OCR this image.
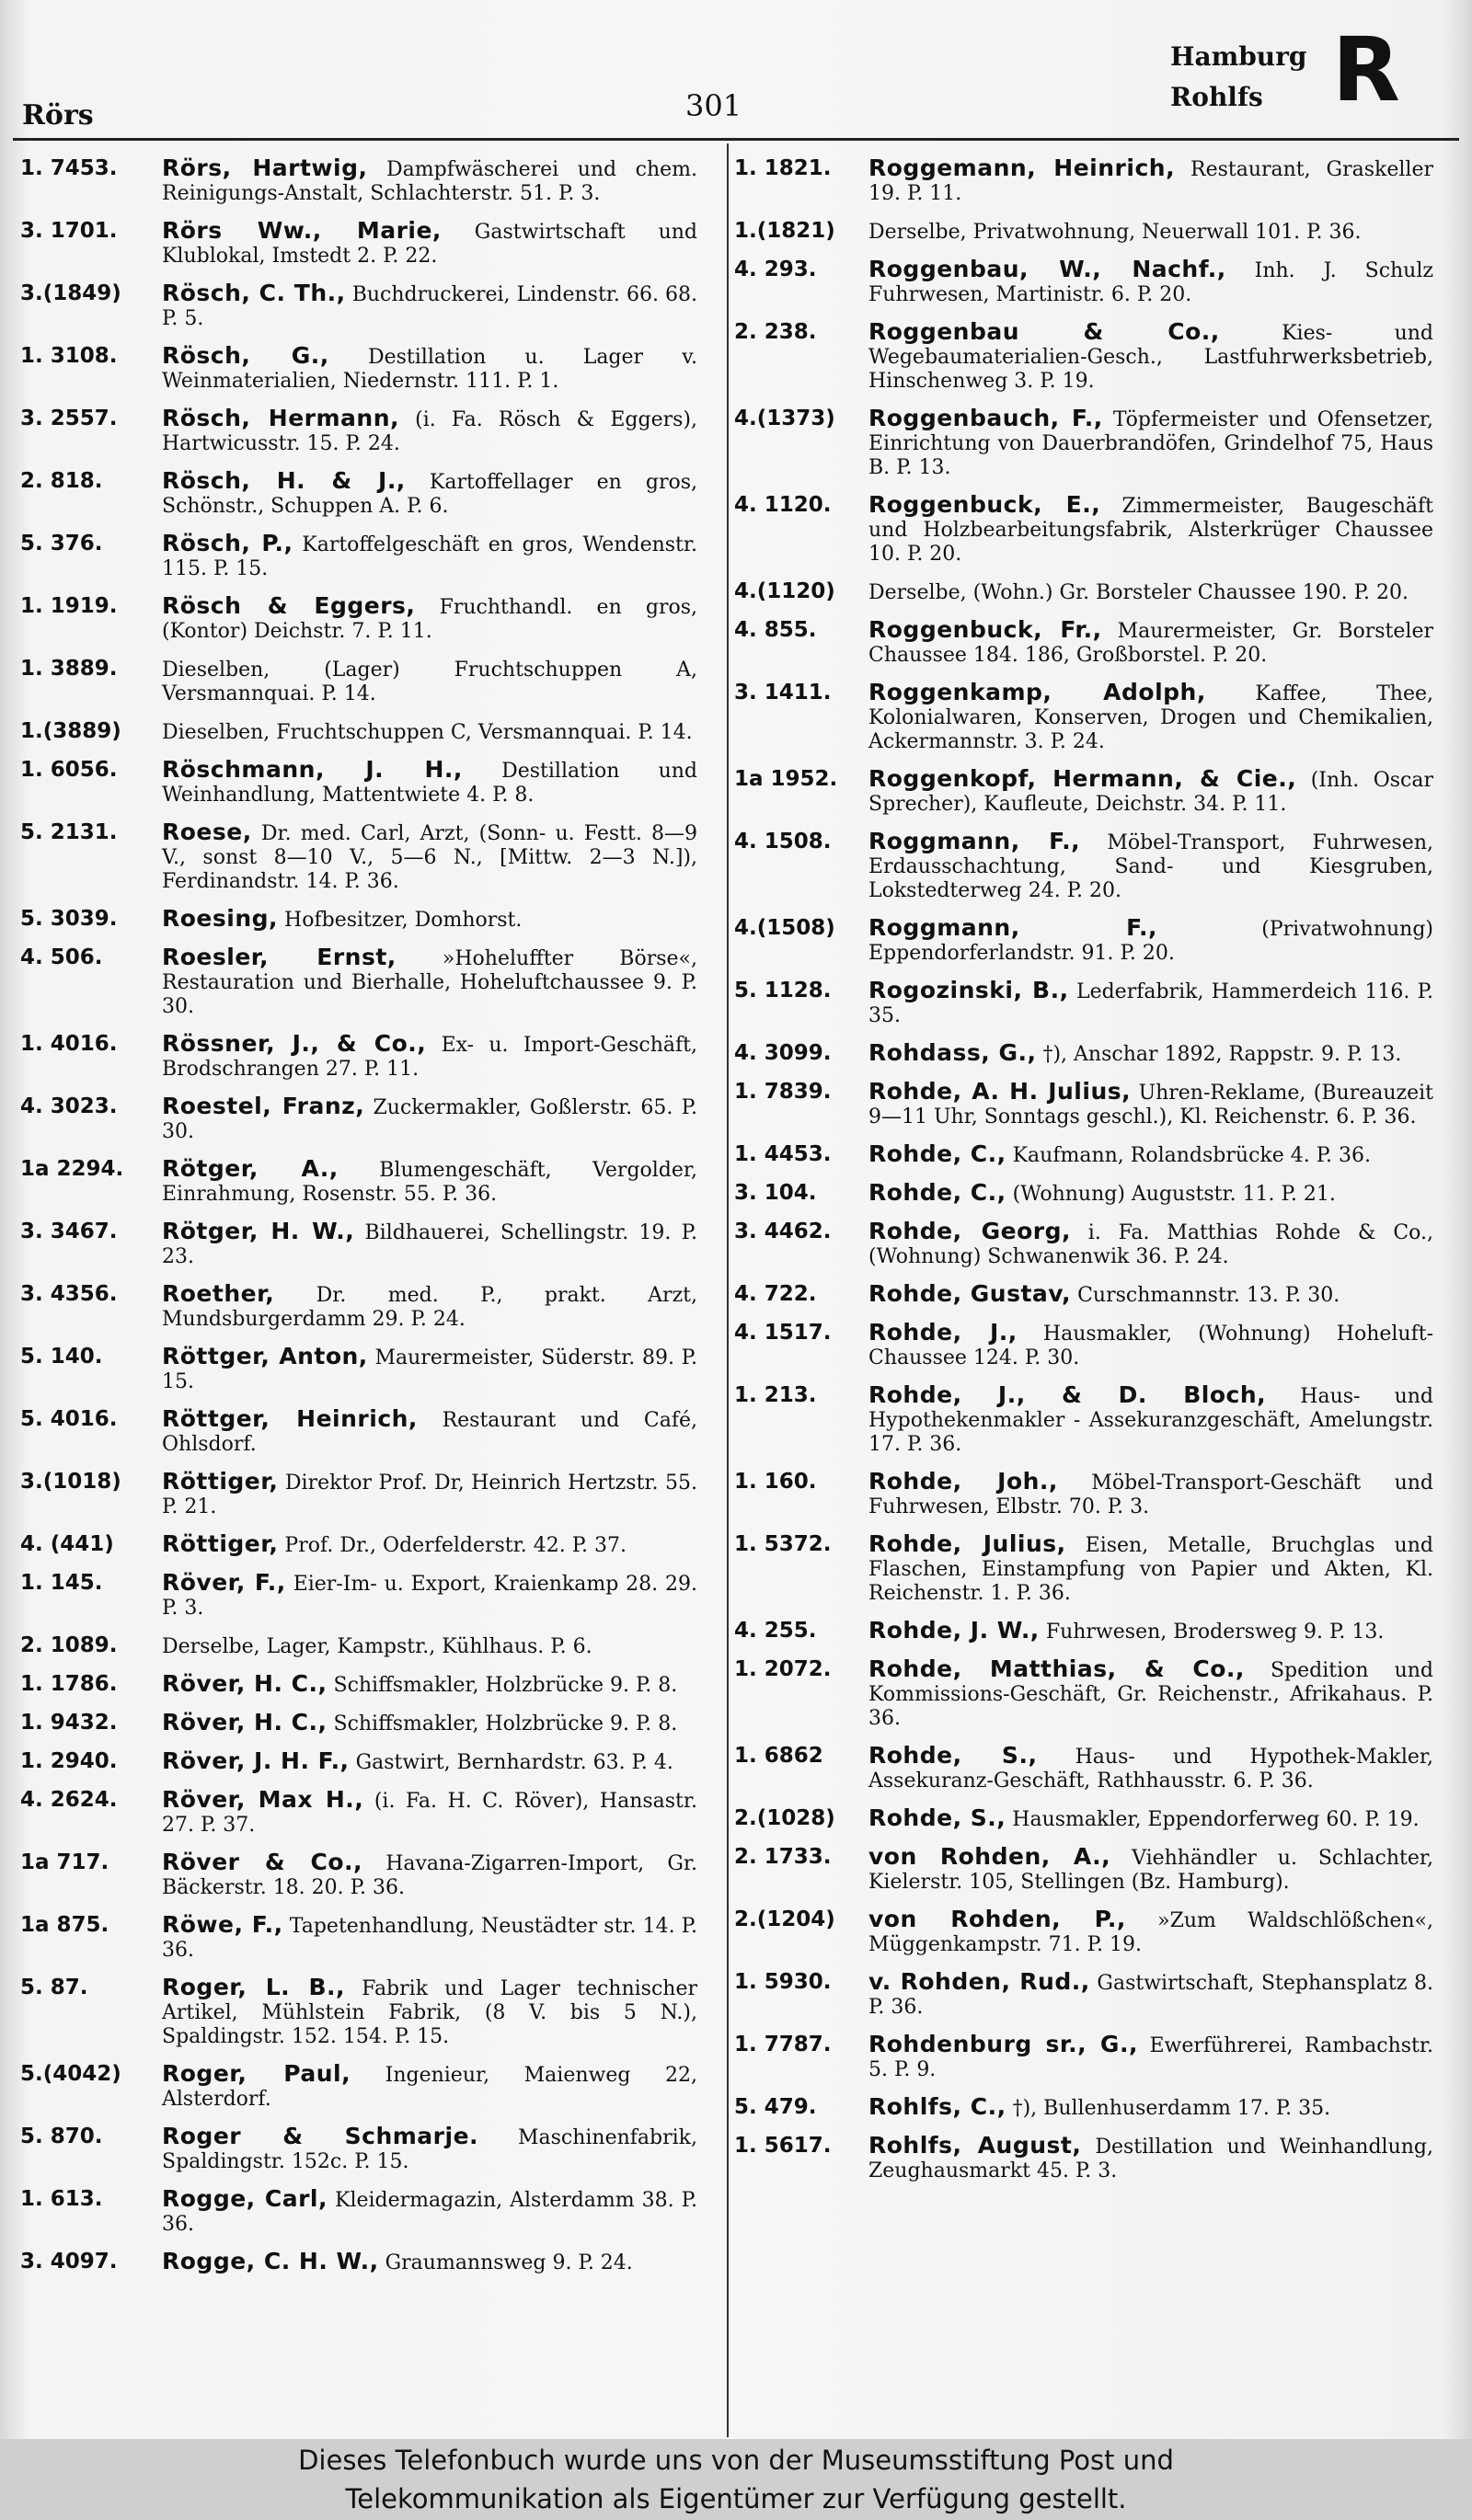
Rörs	301
Hamburg
Rohlfs R
1. 7453.	Rörs, Hartwig, Dampfwäscherei und chem. Reinigungs-Anstalt, Schlachterstr. 51. P. 3.
3. 1701.	Rörs Ww., Marie, Gastwirtschaft und Klublokal, Imstedt 2. P. 22.
3.(1849)	Rösch, C. Th., Buchdruckerei, Lindenstr. 66. 68. P. 5.
1. 3108.	Rösch, G., Destillation u. Lager v. Weinmaterialien, Niedernstr. 111. P. 1.
3. 2557.	Rösch, Hermann, (i. Fa. Rösch & Eggers), Hartwicusstr. 15. P. 24.
2. 818.	Rösch, H. & J., Kartoffellager en gros, Schönstr., Schuppen A. P. 6.
5. 376.	Rösch, P., Kartoffelgeschäft en gros, Wendenstr. 115. P. 15.
1. 1919.	Rösch & Eggers, Fruchthandl. en gros, (Kontor) Deichstr. 7. P. 11.
1. 3889.	Dieselben, (Lager) Fruchtschuppen A, Versmannquai. P. 14.
1.(3889)	Dieselben, Fruchtschuppen C, Versmannquai. P. 14.
1. 6056.	Röschmann, J. H., Destillation und Weinhandlung, Mattentwiete 4. P. 8.
5. 2131.	Roese, Dr. med. Carl, Arzt, (Sonn- u. Festt. 8—9 V., sonst 8—10 V., 5—6 N., [Mittw. 2—3 N.]), Ferdinandstr. 14. P. 36.
5. 3039.	Roesing, Hofbesitzer, Domhorst.
4. 506.	Roesler, Ernst, »Hoheluffter Börse«, Restauration und Bierhalle, Hoheluftchaussee 9. P. 30.
1. 4016.	Rössner, J., & Co., Ex- u. Import-Geschäft, Brodschrangen 27. P. 11.
4. 3023.	Roestel, Franz, Zuckermakler, Goßlerstr. 65. P. 30.
1a 2294.	Rötger, A., Blumengeschäft, Vergolder, Einrahmung, Rosenstr. 55. P. 36.
3. 3467.	Rötger, H. W., Bildhauerei, Schellingstr. 19. P. 23.
3. 4356.	Roether, Dr. med. P., prakt. Arzt, Mundsburgerdamm 29. P. 24.
5. 140.	Röttger, Anton, Maurermeister, Süderstr. 89. P. 15.
5. 4016.	Röttger, Heinrich, Restaurant und Café, Ohlsdorf.
3.(1018)	Röttiger, Direktor Prof. Dr, Heinrich Hertzstr. 55. P. 21.
4. (441)	Röttiger, Prof. Dr., Oderfelderstr. 42. P. 37.
1. 145.	Röver, F., Eier-Im- u. Export, Kraienkamp 28. 29. P. 3.
2. 1089.	Derselbe, Lager, Kampstr., Kühlhaus. P. 6.
1. 1786.	Röver, H. C., Schiffsmakler, Holzbrücke 9. P. 8.
1. 9432.	Röver, H. C., Schiffsmakler, Holzbrücke 9. P. 8.
1. 2940.	Röver, J. H. F., Gastwirt, Bernhardstr. 63. P. 4.
4. 2624.	Röver, Max H., (i. Fa. H. C. Röver), Hansastr. 27. P. 37.
1a 717.	Röver & Co., Havana-Zigarren-Import, Gr. Bäckerstr. 18. 20. P. 36.
1a 875.	Röwe, F., Tapetenhandlung, Neustädter str. 14. P. 36.
5. 87.	Roger, L. B., Fabrik und Lager technischer Artikel, Mühlstein Fabrik, (8 V. bis 5 N.), Spaldingstr. 152. 154. P. 15.
5.(4042)	Roger, Paul, Ingenieur, Maienweg 22, Alsterdorf.
5. 870.	Roger & Schmarje. Maschinenfabrik, Spaldingstr. 152c. P. 15.
1. 613.	Rogge, Carl, Kleidermagazin, Alsterdamm 38. P. 36.
3. 4097.	Rogge, C. H. W., Graumannsweg 9. P. 24.
1. 1821.	Roggemann, Heinrich, Restaurant, Graskeller 19. P. 11.
1.(1821)	Derselbe, Privatwohnung, Neuerwall 101. P. 36.
4. 293.	Roggenbau, W., Nachf., Inh. J. Schulz Fuhrwesen, Martinistr. 6. P. 20.
2. 238.	Roggenbau & Co.,	Kies- und Wegebaumaterialien-Gesch., Lastfuhrwerksbetrieb, Hinschenweg 3. P. 19.
4.(1373)	Roggenbauch, F., Töpfermeister und Ofensetzer, Einrichtung von Dauerbrandöfen, Grindelhof 75, Haus B. P. 13.
4. 1120.	Roggenbuck, E., Zimmermeister, Baugeschäft und Holzbearbeitungsfabrik, Alsterkrüger Chaussee 10. P. 20.
4.(1120)	Derselbe, (Wohn.) Gr. Borsteler Chaussee 190. P. 20.
4. 855.	Roggenbuck, Fr., Maurermeister, Gr. Borsteler Chaussee 184. 186, Großborstel. P. 20.
3. 1411.	Roggenkamp, Adolph, Kaffee, Thee, Kolonialwaren, Konserven, Drogen und Chemikalien, Ackermannstr. 3. P. 24.
1a 1952.	Roggenkopf, Hermann, & Cie., (Inh. Oscar Sprecher), Kaufleute, Deichstr. 34. P. 11.
4. 1508.	Roggmann, F., Möbel-Transport, Fuhrwesen, Erdausschachtung, Sand- und Kiesgruben, Lokstedterweg 24. P. 20.
4.(1508)	Roggmann, F.,	(Privatwohnung) Eppendorferlandstr. 91. P. 20.
5. 1128.	Rogozinski, B., Lederfabrik, Hammerdeich 116. P. 35.
4. 3099.	Rohdass, G., †), Anschar 1892, Rappstr. 9. P. 13.
1. 7839.	Rohde, A. H. Julius, Uhren-Reklame, (Bureauzeit 9—11 Uhr, Sonntags geschl.), Kl. Reichenstr. 6. P. 36.
1. 4453.	Rohde, C., Kaufmann, Rolandsbrücke 4. P. 36.
3. 104.	Rohde, C., (Wohnung) Auguststr. 11. P. 21.
3. 4462.	Rohde, Georg, i. Fa. Matthias Rohde & Co., (Wohnung) Schwanenwik 36. P. 24.
4. 722.	Rohde, Gustav, Curschmannstr. 13. P. 30.
4. 1517.	Rohde, J., Hausmakler, (Wohnung) Hoheluft-Chaussee 124. P. 30.
1. 213.	Rohde, J., & D. Bloch, Haus- und Hypothekenmakler - Assekuranzgeschäft, Amelungstr. 17. P. 36.
1. 160.	Rohde, Joh., Möbel-Transport-Geschäft und Fuhrwesen, Elbstr. 70. P. 3.
1. 5372.	Rohde, Julius, Eisen, Metalle, Bruchglas und Flaschen, Einstampfung von Papier und Akten, Kl. Reichenstr. 1. P. 36.
4. 255.	Rohde, J. W., Fuhrwesen, Brodersweg 9. P. 13.
1. 2072.	Rohde, Matthias, & Co., Spedition und Kommissions-Geschäft, Gr. Reichenstr., Afrikahaus. P. 36.
1. 6862	Rohde, S., Haus- und Hypothek-Makler, Assekuranz-Geschäft, Rathhausstr. 6. P. 36.
2.(1028)	Rohde, S., Hausmakler, Eppendorferweg 60. P. 19.
2. 1733.	von Rohden, A., Viehhändler u. Schlachter, Kielerstr. 105, Stellingen (Bz. Hamburg).
2.(1204)	von Rohden, P., »Zum Waldschlößchen«, Müggenkampstr. 71. P. 19.
1. 5930.	v. Rohden, Rud., Gastwirtschaft, Stephansplatz 8. P. 36.
1. 7787.	Rohdenburg sr., G., Ewerführerei, Rambachstr. 5. P. 9.
5. 479.	Rohlfs, C., †), Bullenhuserdamm 17. P. 35.
1. 5617.	Rohlfs, August, Destillation und Weinhandlung, Zeughausmarkt 45. P. 3.
Dieses Telefonbuch wurde uns von der Museumsstiftung Post und
Telekommunikation als Eigentümer zur Verfügung gestellt.
